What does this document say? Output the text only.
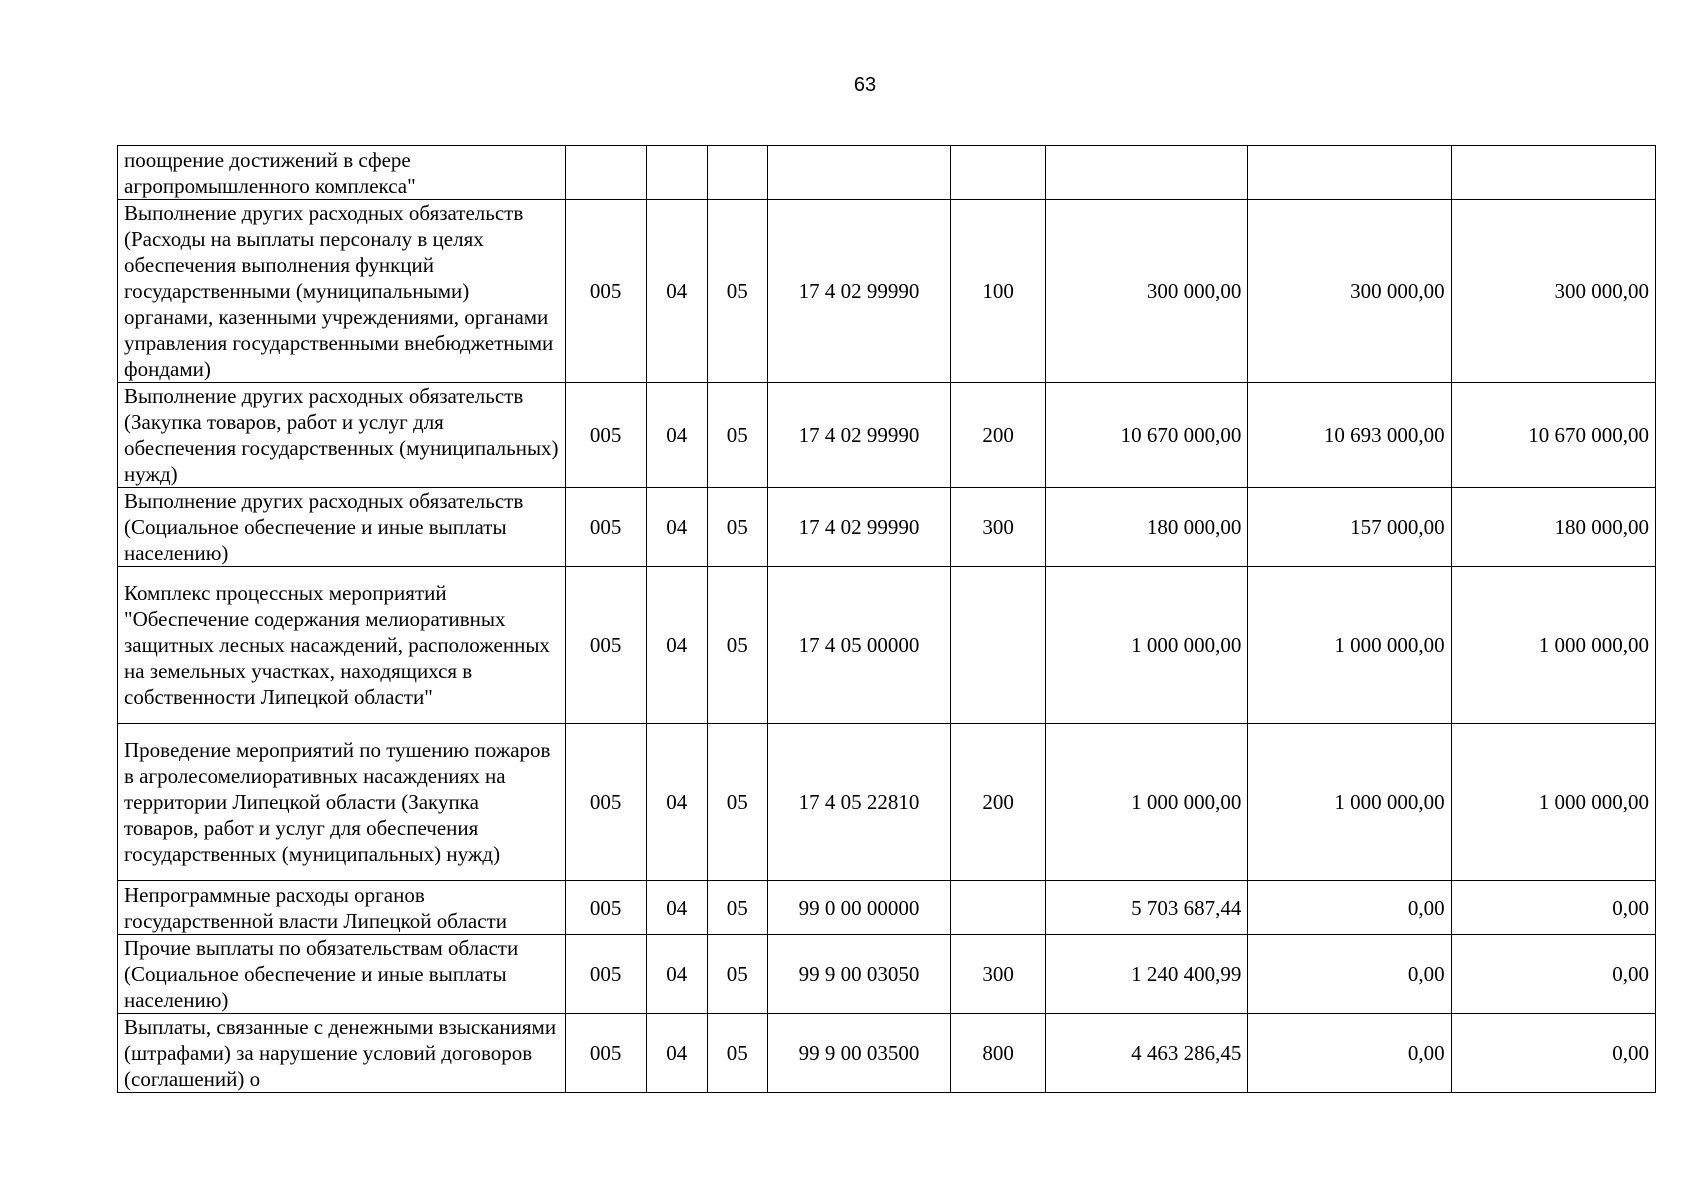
63
поощрение достижений в сфере агропромышленного комплекса"								
Выполнение других расходных обязательств (Расходы на выплаты персоналу в целях обеспечения выполнения функций государственными (муниципальными) органами, казенными учреждениями, органами управления государственными внебюджетными фондами)	005	04	05	17 4 02 99990	100	300 000,00	300 000,00	300 000,00
Выполнение других расходных обязательств (Закупка товаров, работ и услуг для обеспечения государственных (муниципальных) нужд)	005	04	05	17 4 02 99990	200	10 670 000,00	10 693 000,00	10 670 000,00
Выполнение других расходных обязательств (Социальное обеспечение и иные выплаты населению)	005	04	05	17 4 02 99990	300	180 000,00	157 000,00	180 000,00
Комплекс процессных мероприятий "Обеспечение содержания мелиоративных защитных лесных насаждений, расположенных на земельных участках, находящихся в собственности Липецкой области"	005	04	05	17 4 05 00000		1 000 000,00	1 000 000,00	1 000 000,00
Проведение мероприятий по тушению пожаров в агролесомелиоративных насаждениях на территории Липецкой области (Закупка товаров, работ и услуг для обеспечения государственных (муниципальных) нужд)	005	04	05	17 4 05 22810	200	1 000 000,00	1 000 000,00	1 000 000,00
Непрограммные расходы органов государственной власти Липецкой области	005	04	05	99 0 00 00000		5 703 687,44	0,00	0,00
Прочие выплаты по обязательствам области (Социальное обеспечение и иные выплаты населению)	005	04	05	99 9 00 03050	300	1 240 400,99	0,00	0,00
Выплаты, связанные с денежными взысканиями (штрафами) за нарушение условий договоров (соглашений) о	005	04	05	99 9 00 03500	800	4 463 286,45	0,00	0,00
